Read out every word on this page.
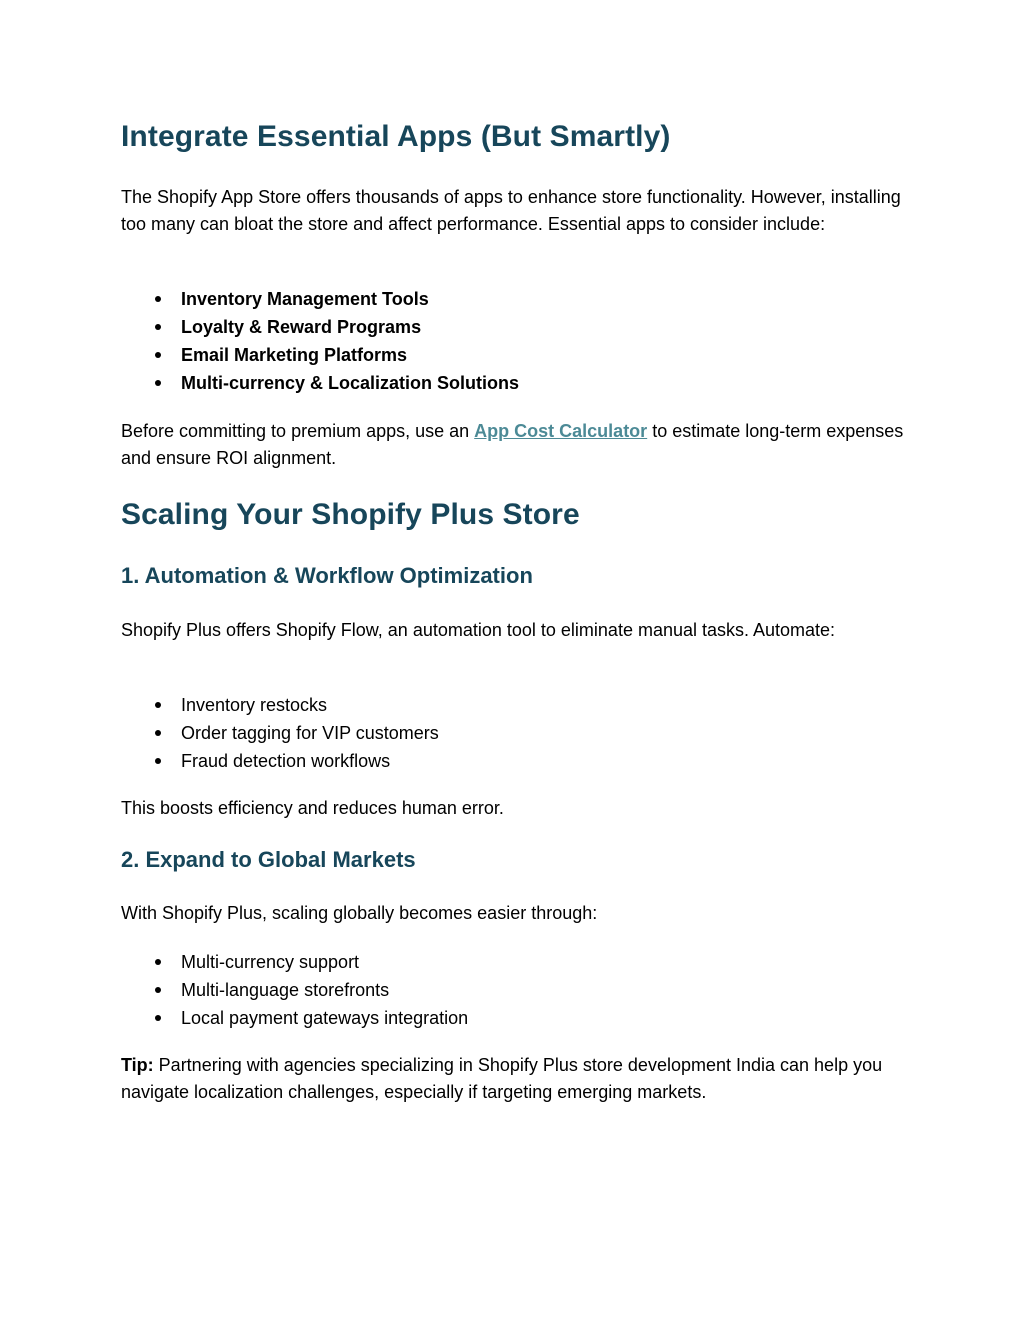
Integrate Essential Apps (But Smartly)

The Shopify App Store offers thousands of apps to enhance store functionality. However, installing too many can bloat the store and affect performance. Essential apps to consider include:

Inventory Management Tools
Loyalty & Reward Programs
Email Marketing Platforms
Multi-currency & Localization Solutions

Before committing to premium apps, use an App Cost Calculator to estimate long-term expenses and ensure ROI alignment.

Scaling Your Shopify Plus Store
1. Automation & Workflow Optimization

Shopify Plus offers Shopify Flow, an automation tool to eliminate manual tasks. Automate:

Inventory restocks
Order tagging for VIP customers
Fraud detection workflows

This boosts efficiency and reduces human error.

2. Expand to Global Markets

With Shopify Plus, scaling globally becomes easier through:

Multi-currency support
Multi-language storefronts
Local payment gateways integration

Tip: Partnering with agencies specializing in Shopify Plus store development India can help you navigate localization challenges, especially if targeting emerging markets.
